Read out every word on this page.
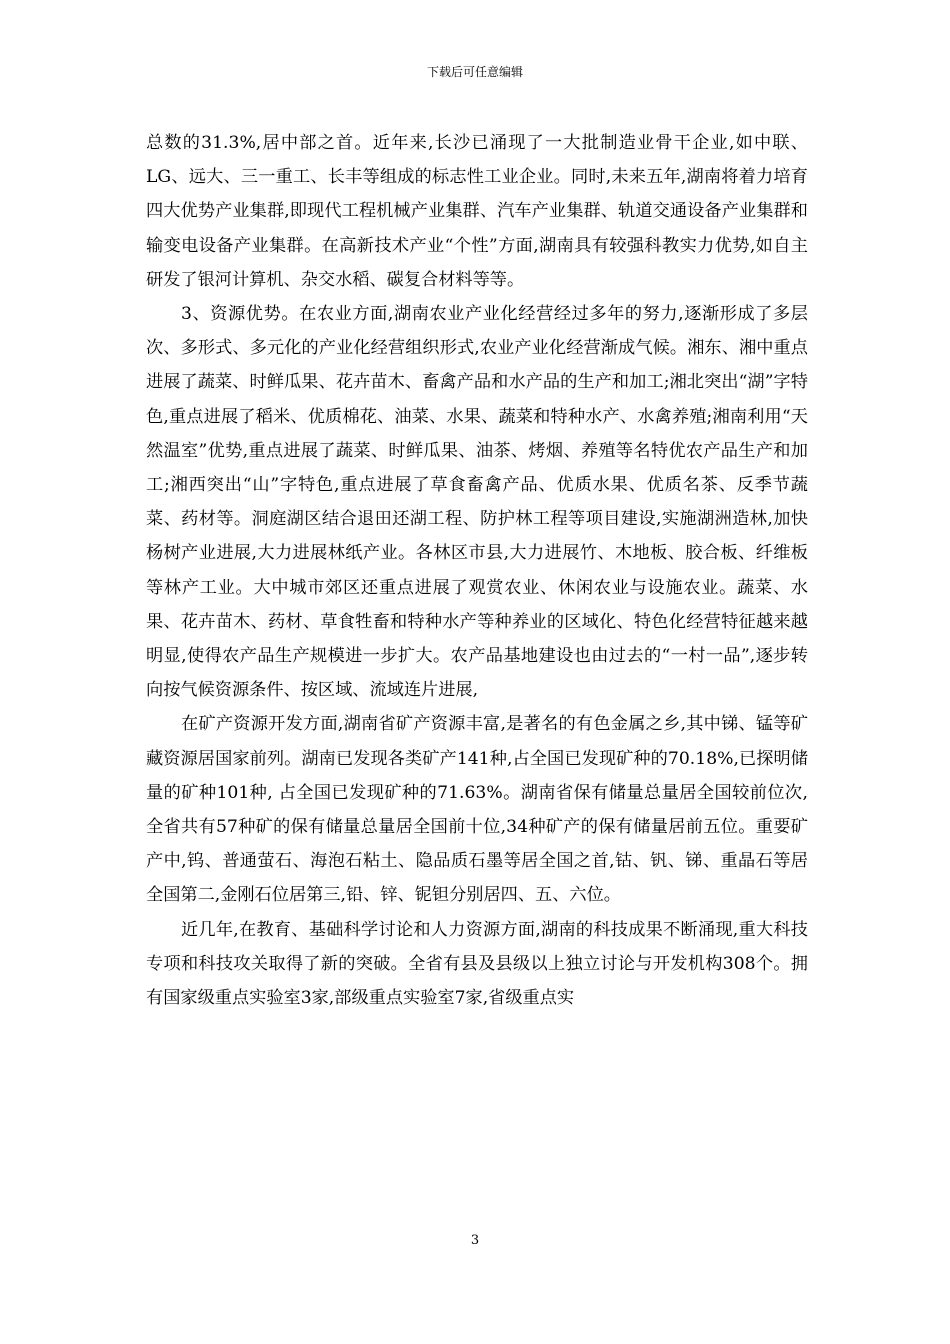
下载后可任意编辑

总数的31.3%,居中部之首。近年来,长沙已涌现了一大批制造业骨干企业,如中联、LG、远大、三一重工、长丰等组成的标志性工业企业。同时,未来五年,湖南将着力培育四大优势产业集群,即现代工程机械产业集群、汽车产业集群、轨道交通设备产业集群和输变电设备产业集群。在高新技术产业“个性”方面,湖南具有较强科教实力优势,如自主研发了银河计算机、杂交水稻、碳复合材料等等。

3、资源优势。在农业方面,湖南农业产业化经营经过多年的努力,逐渐形成了多层次、多形式、多元化的产业化经营组织形式,农业产业化经营渐成气候。湘东、湘中重点进展了蔬菜、时鲜瓜果、花卉苗木、畜禽产品和水产品的生产和加工;湘北突出“湖”字特色,重点进展了稻米、优质棉花、油菜、水果、蔬菜和特种水产、水禽养殖;湘南利用“天然温室”优势,重点进展了蔬菜、时鲜瓜果、油茶、烤烟、养殖等名特优农产品生产和加工;湘西突出“山”字特色,重点进展了草食畜禽产品、优质水果、优质名茶、反季节蔬菜、药材等。洞庭湖区结合退田还湖工程、防护林工程等项目建设,实施湖洲造林,加快杨树产业进展,大力进展林纸产业。各林区市县,大力进展竹、木地板、胶合板、纤维板等林产工业。大中城市郊区还重点进展了观赏农业、休闲农业与设施农业。蔬菜、水果、花卉苗木、药材、草食牲畜和特种水产等种养业的区域化、特色化经营特征越来越明显,使得农产品生产规模进一步扩大。农产品基地建设也由过去的“一村一品”,逐步转向按气候资源条件、按区域、流域连片进展,

在矿产资源开发方面,湖南省矿产资源丰富,是著名的有色金属之乡,其中锑、锰等矿藏资源居国家前列。湖南已发现各类矿产141种,占全国已发现矿种的70.18%,已探明储量的矿种101种, 占全国已发现矿种的71.63%。湖南省保有储量总量居全国较前位次,全省共有57种矿的保有储量总量居全国前十位,34种矿产的保有储量居前五位。重要矿产中,钨、普通萤石、海泡石粘土、隐品质石墨等居全国之首,钴、钒、锑、重晶石等居全国第二,金刚石位居第三,铅、锌、铌钽分别居四、五、六位。

近几年,在教育、基础科学讨论和人力资源方面,湖南的科技成果不断涌现,重大科技专项和科技攻关取得了新的突破。全省有县及县级以上独立讨论与开发机构308个。拥有国家级重点实验室3家,部级重点实验室7家,省级重点实

3
